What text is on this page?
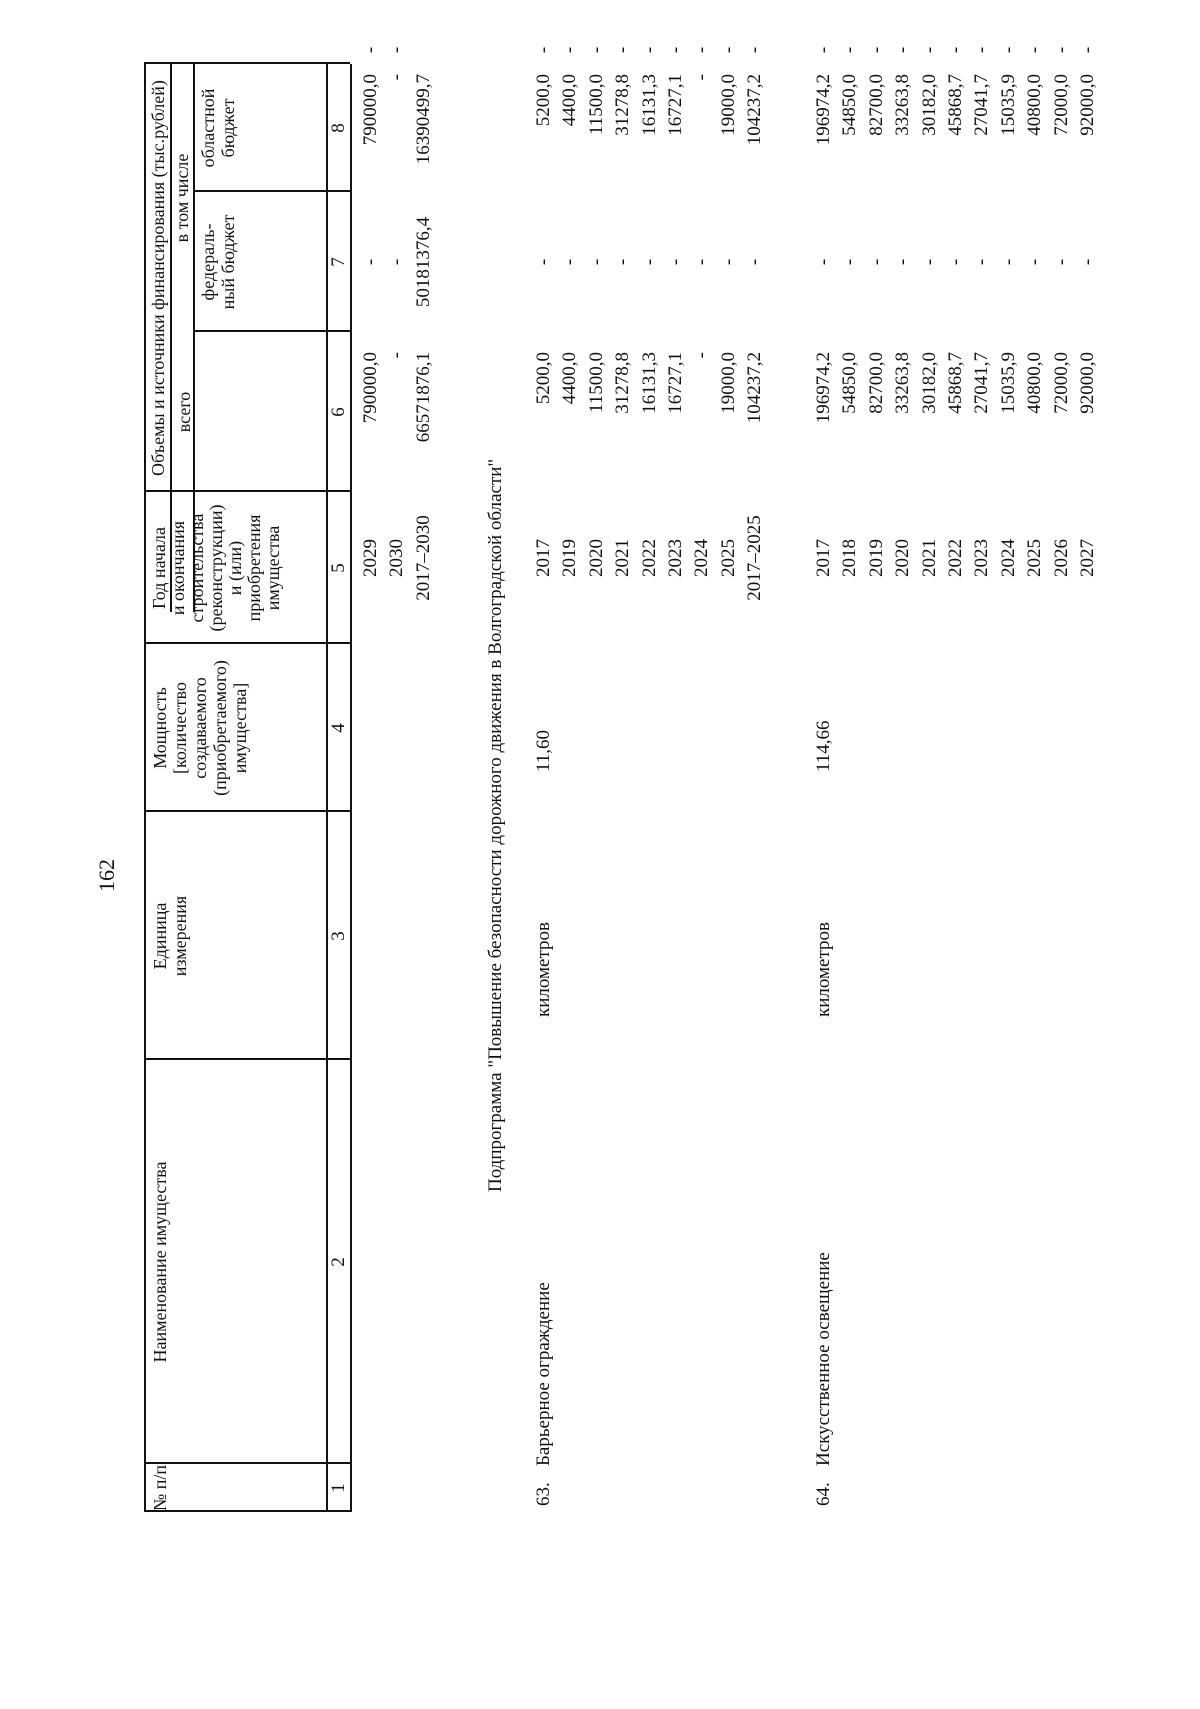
162
№ п/п
Наименование имущества
Единица измерения
Мощность [количество создаваемого (приобретаемого) имущества]
Год начала и окончания строительства (реконструкции) и (или) приобретения имущества
Объемы и источники финансирования (тыс.рублей) всего
в том числе
федераль- ный бюджет
областной бюджет
1
2
3
4
5
6
7
8
2029
790000,0
-
790000,0
-
2030
-
-
-
-
2017–2030
66571876,1
50181376,4
16390499,7
Подпрограмма "Повышение безопасности дорожного движения в Волгоградской области"
63.
Барьерное ограждение
километров
11,60
2017
5200,0
-
5200,0
-
2019
4400,0
-
4400,0
-
2020
11500,0
-
11500,0
-
2021
31278,8
-
31278,8
-
2022
16131,3
-
16131,3
-
2023
16727,1
-
16727,1
-
2024
-
-
-
-
2025
19000,0
-
19000,0
-
2017–2025
104237,2
-
104237,2
-
64.
Искусственное освещение
километров
114,66
2017
196974,2
-
196974,2
-
2018
54850,0
-
54850,0
-
2019
82700,0
-
82700,0
-
2020
33263,8
-
33263,8
-
2021
30182,0
-
30182,0
-
2022
45868,7
-
45868,7
-
2023
27041,7
-
27041,7
-
2024
15035,9
-
15035,9
-
2025
40800,0
-
40800,0
-
2026
72000,0
-
72000,0
-
2027
92000,0
-
92000,0
-
